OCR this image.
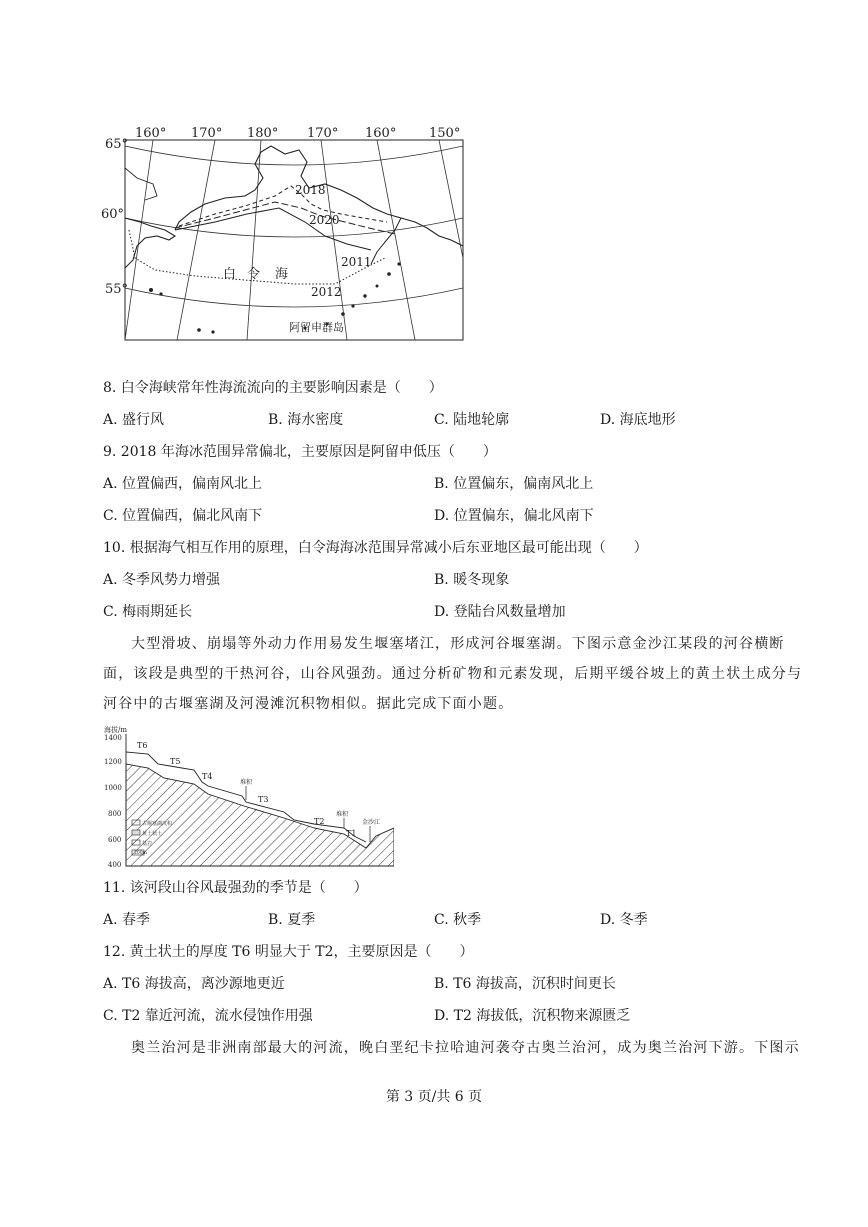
160° 170° 180° 170° 160°	150°
65°
60°
55°
2018
2020
2011
2012
白 令 海
阿留申群岛
8. 白令海峡常年性海流流向的主要影响因素是（　　）
A. 盛行风	B. 海水密度	C. 陆地轮廓	D. 海底地形
9. 2018 年海冰范围异常偏北，主要原因是阿留申低压（　　）
A. 位置偏西，偏南风北上	B. 位置偏东，偏南风北上
C. 位置偏西，偏北风南下	D. 位置偏东，偏北风南下
10. 根据海气相互作用的原理，白令海海冰范围异常减小后东亚地区最可能出现（　　）
A. 冬季风势力增强	B. 暖冬现象
C. 梅雨期延长	D. 登陆台风数量增加
大型滑坡、崩塌等外动力作用易发生堰塞堵江，形成河谷堰塞湖。下图示意金沙江某段的河谷横断
面，该段是典型的干热河谷，山谷风强劲。通过分析矿物和元素发现，后期平缓谷坡上的黄土状土成分与
河谷中的古堰塞湖及河漫滩沉积物相似。据此完成下面小题。
海拔/m
1400
1200
1000
800
600
400
T6
T5
T4
T3
T2
T1
堆积
堆积
金沙江
古堰塞湖沉积
黄土状土
基岩
200m
11. 该河段山谷风最强劲的季节是（　　）
A. 春季	B. 夏季	C. 秋季	D. 冬季
12. 黄土状土的厚度 T6 明显大于 T2，主要原因是（　　）
A. T6 海拔高，离沙源地更近	B. T6 海拔高，沉积时间更长
C. T2 靠近河流，流水侵蚀作用强	D. T2 海拔低，沉积物来源匮乏
奥兰治河是非洲南部最大的河流，晚白垩纪卡拉哈迪河袭夺古奥兰治河，成为奥兰治河下游。下图示
第 3 页/共 6 页
